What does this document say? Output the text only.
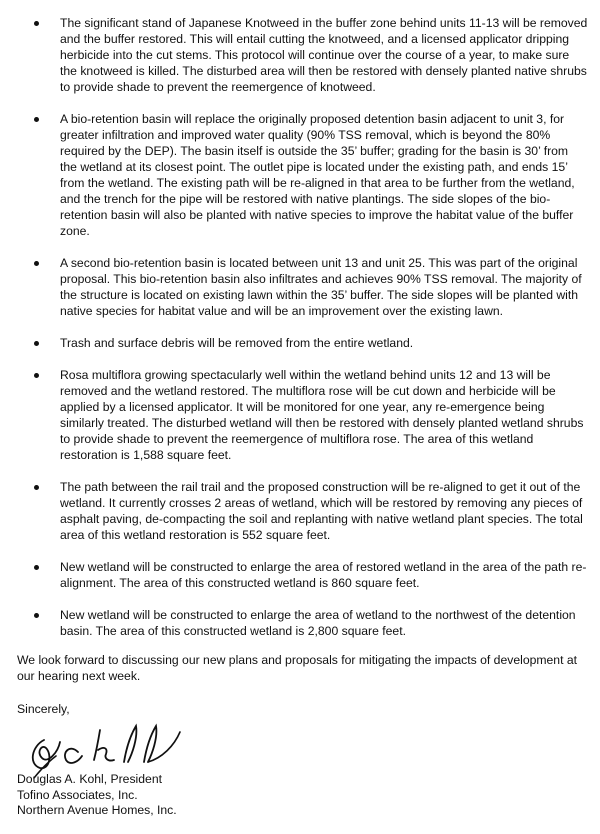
The significant stand of Japanese Knotweed in the buffer zone behind units 11-13 will be removed and the buffer restored. This will entail cutting the knotweed, and a licensed applicator dripping herbicide into the cut stems. This protocol will continue over the course of a year, to make sure the knotweed is killed. The disturbed area will then be restored with densely planted native shrubs to provide shade to prevent the reemergence of knotweed.

A bio-retention basin will replace the originally proposed detention basin adjacent to unit 3, for greater infiltration and improved water quality (90% TSS removal, which is beyond the 80% required by the DEP). The basin itself is outside the 35’ buffer; grading for the basin is 30’ from the wetland at its closest point. The outlet pipe is located under the existing path, and ends 15’ from the wetland. The existing path will be re-aligned in that area to be further from the wetland, and the trench for the pipe will be restored with native plantings. The side slopes of the bio-retention basin will also be planted with native species to improve the habitat value of the buffer zone.

A second bio-retention basin is located between unit 13 and unit 25. This was part of the original proposal. This bio-retention basin also infiltrates and achieves 90% TSS removal. The majority of the structure is located on existing lawn within the 35’ buffer. The side slopes will be planted with native species for habitat value and will be an improvement over the existing lawn.

Trash and surface debris will be removed from the entire wetland.

Rosa multiflora growing spectacularly well within the wetland behind units 12 and 13 will be removed and the wetland restored. The multiflora rose will be cut down and herbicide will be applied by a licensed applicator. It will be monitored for one year, any re-emergence being similarly treated. The disturbed wetland will then be restored with densely planted wetland shrubs to provide shade to prevent the reemergence of multiflora rose. The area of this wetland restoration is 1,588 square feet.

The path between the rail trail and the proposed construction will be re-aligned to get it out of the wetland. It currently crosses 2 areas of wetland, which will be restored by removing any pieces of asphalt paving, de-compacting the soil and replanting with native wetland plant species. The total area of this wetland restoration is 552 square feet.

New wetland will be constructed to enlarge the area of restored wetland in the area of the path re-alignment. The area of this constructed wetland is 860 square feet.

New wetland will be constructed to enlarge the area of wetland to the northwest of the detention basin. The area of this constructed wetland is 2,800 square feet.

We look forward to discussing our new plans and proposals for mitigating the impacts of development at our hearing next week.

Sincerely,

Douglas A. Kohl, President
Tofino Associates, Inc.
Northern Avenue Homes, Inc.
